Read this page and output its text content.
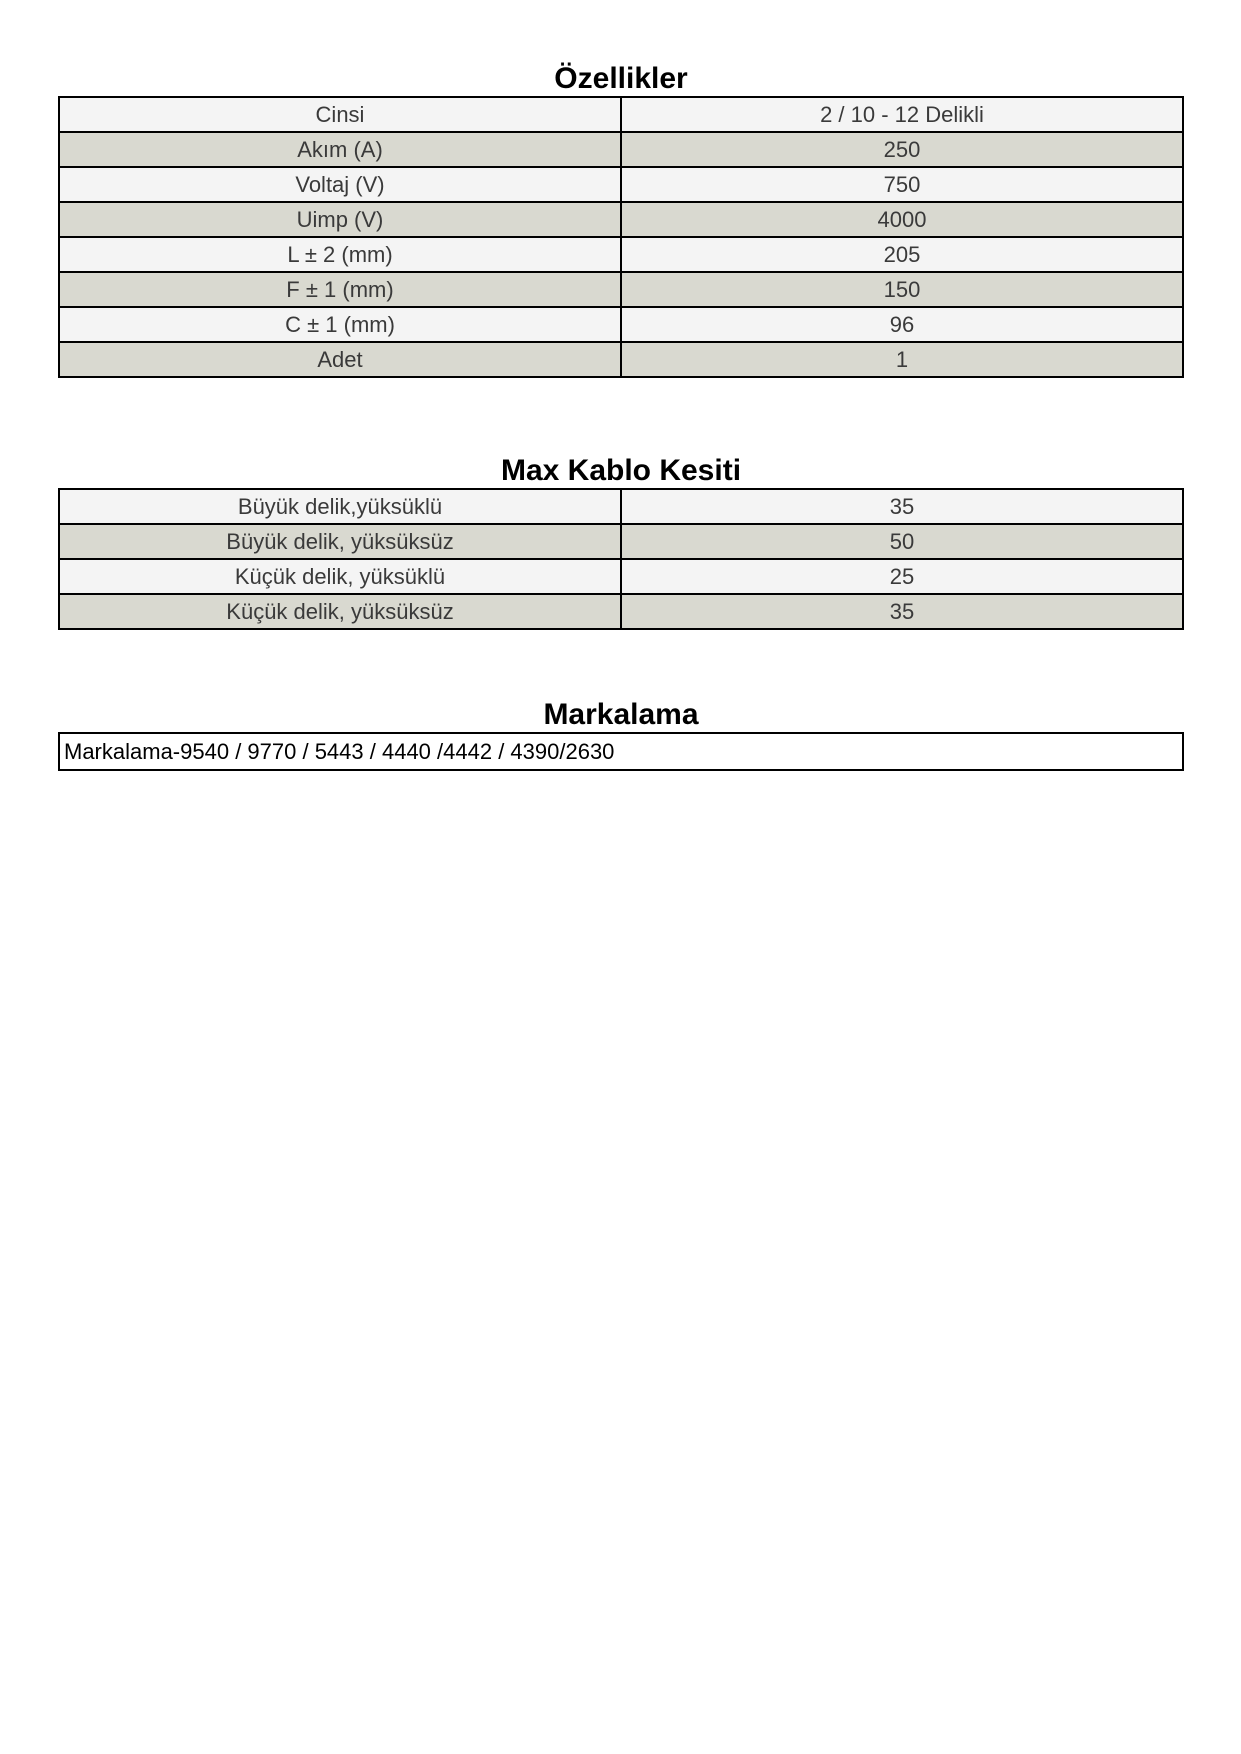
Özellikler
Cinsi	2 / 10 - 12 Delikli
Akım (A)	250
Voltaj (V)	750
Uimp (V)	4000
L ± 2 (mm)	205
F ± 1 (mm)	150
C ± 1 (mm)	96
Adet	1
Max Kablo Kesiti
Büyük delik,yüksüklü	35
Büyük delik, yüksüksüz	50
Küçük delik, yüksüklü	25
Küçük delik, yüksüksüz	35
Markalama
Markalama-9540 / 9770 / 5443 / 4440 /4442 / 4390/2630
